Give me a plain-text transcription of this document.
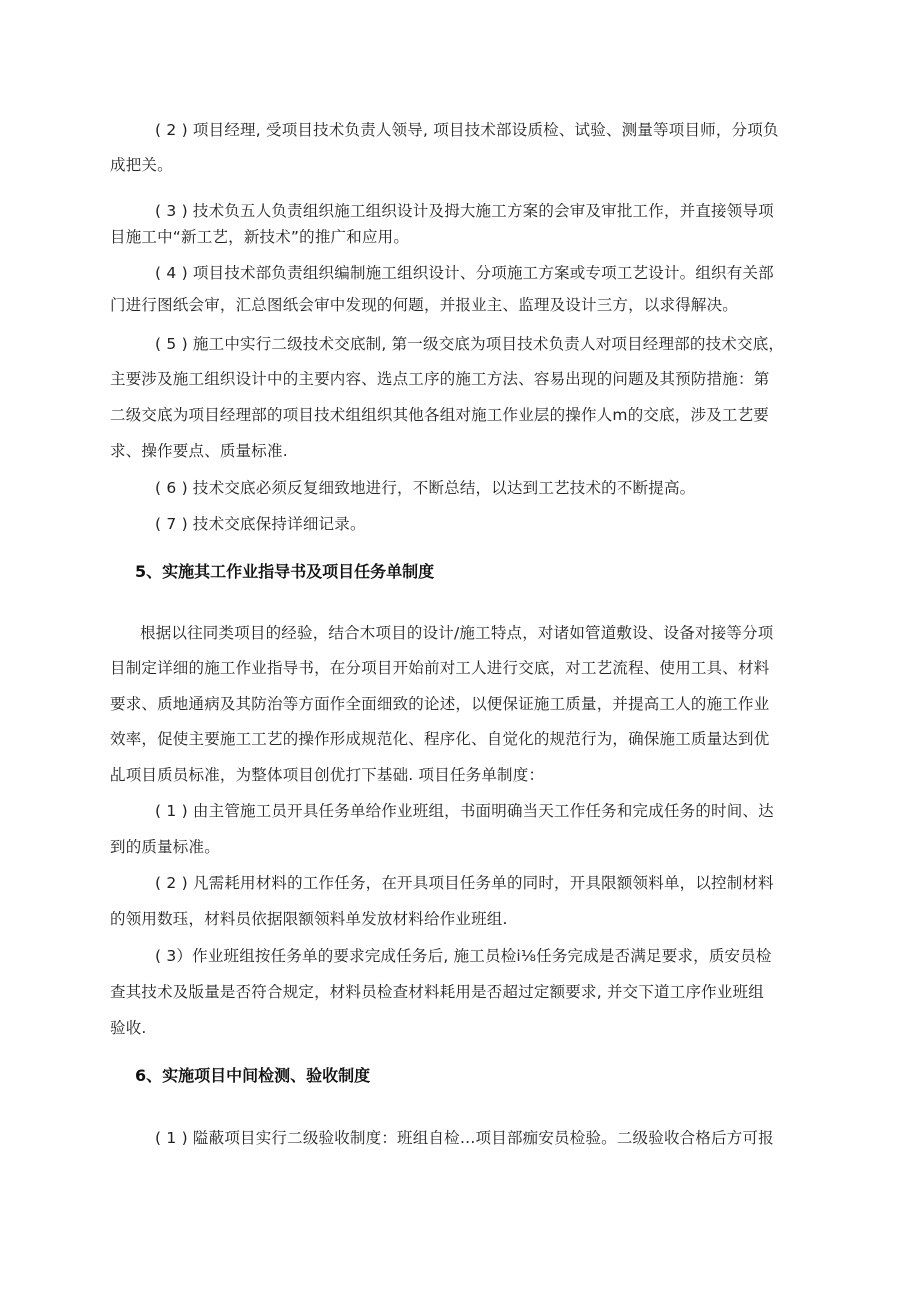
( 2 ) 项目经理, 受项目技术负责人领导, 项目技术部设质检、试验、测量等项目师，分项负
成把关。
( 3 ) 技术负五人负责组织施工组织设计及拇大施工方案的会审及审批工作，并直接领导项
目施工中“新工艺，新技术”的推广和应用。
( 4 ) 项目技术部负责组织编制施工组织设计、分项施工方案或专项工艺设计。组织有关部
门进行图纸会审，汇总图纸会审中发现的何题，并报业主、监理及设计三方，以求得解决。
( 5 ) 施工中实行二级技术交底制, 第一级交底为项目技术负责人对项目经理部的技术交底，
主要涉及施工组织设计中的主要内容、选点工序的施工方法、容易出现的问题及其预防措施：第
二级交底为项目经理部的项目技术组组织其他各组对施工作业层的操作人m的交底，涉及工艺要
求、操作要点、质量标准.
( 6 ) 技术交底必须反复细致地进行，不断总结，以达到工艺技术的不断提高。
( 7 ) 技术交底保持详细记录。
5、实施其工作业指导书及项目任务单制度
根据以往同类项目的经验，结合木项目的设计/施工特点，对诸如管道敷设、设备对接等分项
目制定详细的施工作业指导书，在分项目开始前对工人进行交底，对工艺流程、使用工具、材料
要求、质地通病及其防治等方面作全面细致的论述，以便保证施工质量，并提高工人的施工作业
效率，促使主要施工工艺的操作形成规范化、程序化、自觉化的规范行为，确保施工质量达到优
乩项目质员标准，为整体项目创优打下基础. 项目任务单制度：
( 1 ) 由主管施工员开具任务单给作业班组，书面明确当天工作任务和完成任务的时间、达
到的质量标准。
( 2 ) 凡需耗用材料的工作任务，在开具项目任务单的同时，开具限额领料单，以控制材料
的领用数珏，材料员依据限额领料单发放材料给作业班组.
( 3）作业班组按任务单的要求完成任务后, 施工员检i⅛任务完成是否满足要求，质安员检
查其技术及版量是否符合规定，材料员检查材料耗用是否超过定额要求, 并交下道工序作业班组
验收.
6、实施项目中间检测、验收制度
( 1 ) 隘蔽项目实行二级验收制度：班组自检…项目部痂安员检验。二级验收合格后方可报
